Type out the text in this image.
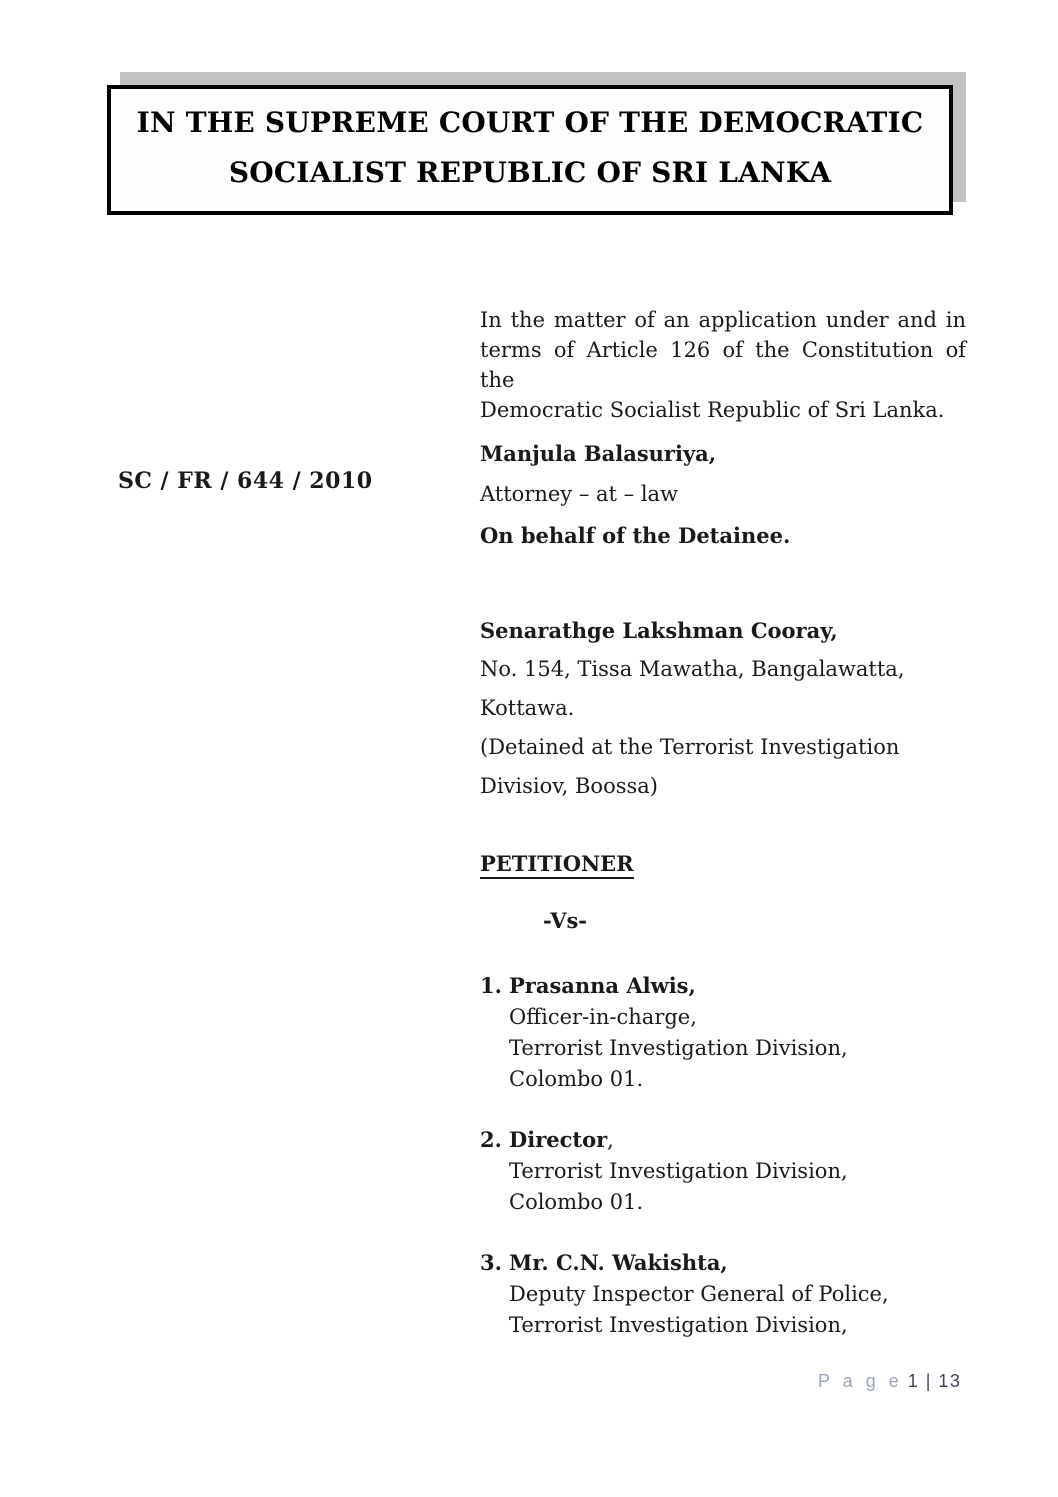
IN THE SUPREME COURT OF THE DEMOCRATIC
SOCIALIST REPUBLIC OF SRI LANKA
In the matter of an application under and in
terms of Article 126 of the Constitution of the
Democratic Socialist Republic of Sri Lanka.
SC / FR / 644 / 2010
Manjula Balasuriya,
Attorney – at – law
On behalf of the Detainee.
Senarathge Lakshman Cooray,
No. 154, Tissa Mawatha, Bangalawatta,
Kottawa.
(Detained at the Terrorist Investigation
Divisiov, Boossa)
PETITIONER
-Vs-
1. Prasanna Alwis,
Officer-in-charge,
Terrorist Investigation Division,
Colombo 01.
2. Director,
Terrorist Investigation Division,
Colombo 01.
3. Mr. C.N. Wakishta,
Deputy Inspector General of Police,
Terrorist Investigation Division,
P a g e 1 | 13
